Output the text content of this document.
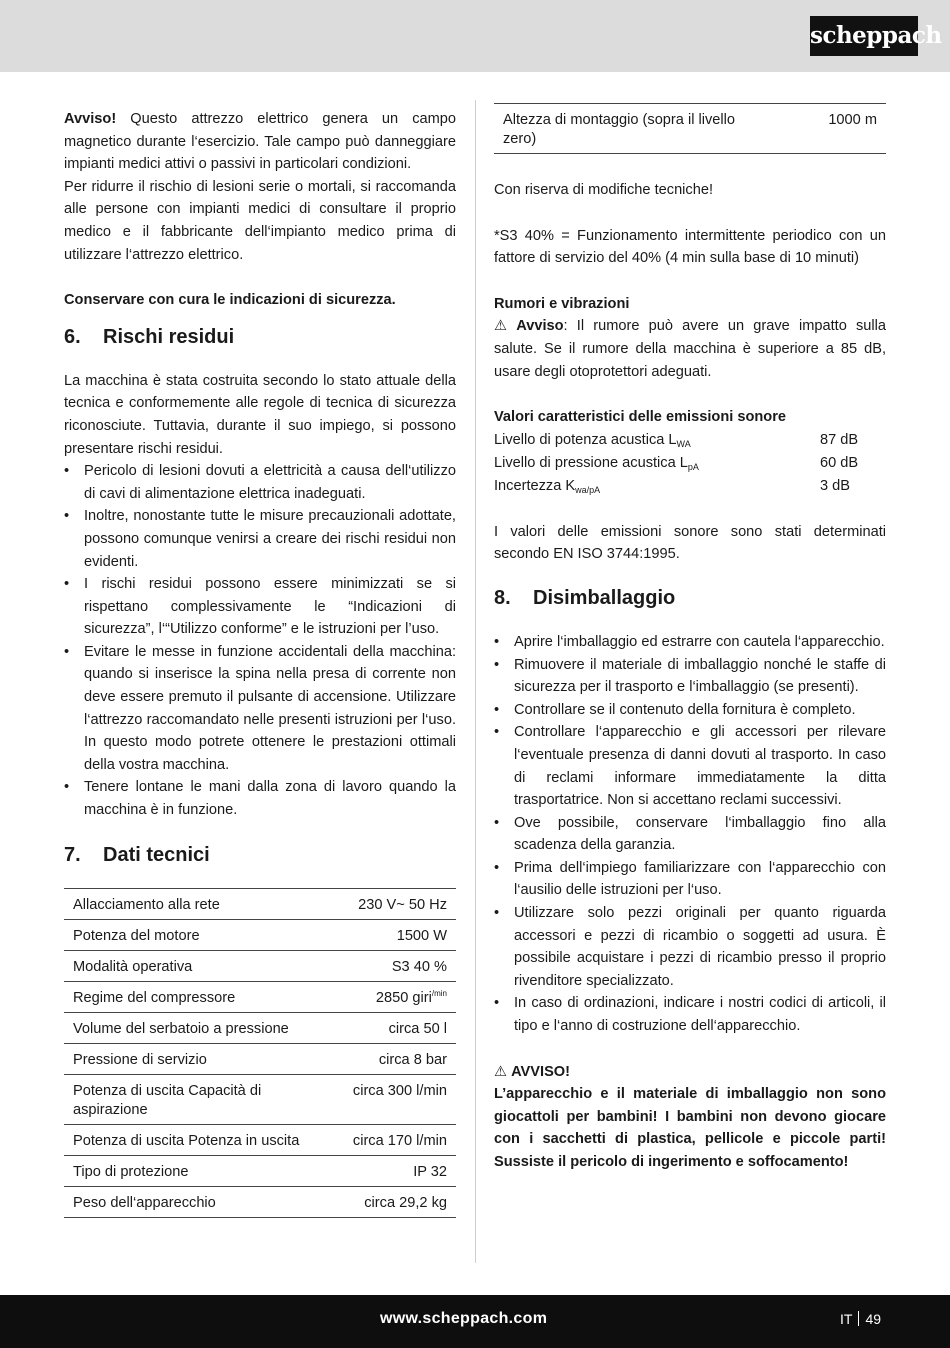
scheppach

Avviso! Questo attrezzo elettrico genera un campo magnetico durante l‘esercizio. Tale campo può danneggiare impianti medici attivi o passivi in particolari condizioni.

Per ridurre il rischio di lesioni serie o mortali, si raccomanda alle persone con impianti medici di consultare il proprio medico e il fabbricante dell‘impianto medico prima di utilizzare l‘attrezzo elettrico.

Conservare con cura le indicazioni di sicurezza.

6.	Rischi residui

La macchina è stata costruita secondo lo stato attuale della tecnica e conformemente alle regole di tecnica di sicurezza riconosciute. Tuttavia, durante il suo impiego, si possono presentare rischi residui.

• Pericolo di lesioni dovuti a elettricità a causa dell‘utilizzo di cavi di alimentazione elettrica inadeguati.
• Inoltre, nonostante tutte le misure precauzionali adottate, possono comunque venirsi a creare dei rischi residui non evidenti.
• I rischi residui possono essere minimizzati se si rispettano complessivamente le “Indicazioni di sicurezza”, l‘“Utilizzo conforme” e le istruzioni per l’uso.
• Evitare le messe in funzione accidentali della macchina: quando si inserisce la spina nella presa di corrente non deve essere premuto il pulsante di accensione. Utilizzare l‘attrezzo raccomandato nelle presenti istruzioni per l‘uso. In questo modo potrete ottenere le prestazioni ottimali della vostra macchina.
• Tenere lontane le mani dalla zona di lavoro quando la macchina è in funzione.
7.	Dati tecnici
Allacciamento alla rete	230 V~ 50 Hz
Potenza del motore	1500 W
Modalità operativa	S3 40 %
Regime del compressore	2850 giri$^{/min}$
Volume del serbatoio a pressione	circa 50 l
Pressione di servizio	circa 8 bar
Potenza di uscita Capacità di aspirazione	circa 300 l/min
Potenza di uscita Potenza in uscita	circa 170 l/min
Tipo di protezione	IP 32
Peso dell‘apparecchio	circa 29,2 kg
Altezza di montaggio (sopra il livello zero)	1000 m

Con riserva di modifiche tecniche!

*S3 40% = Funzionamento intermittente periodico con un fattore di servizio del 40% (4 min sulla base di 10 minuti)

Rumori e vibrazioni

⚠ Avviso: Il rumore può avere un grave impatto sulla salute. Se il rumore della macchina è superiore a 85 dB, usare degli otoprotettori adeguati.

Valori caratteristici delle emissioni sonore

Livello di potenza acustica $L_{WA}$	87 dB
Livello di pressione acustica $L_{pA}$	60 dB
Incertezza $K_{wa/pA}$	3 dB

I valori delle emissioni sonore sono stati determinati secondo EN ISO 3744:1995.

8.	Disimballaggio
• Aprire l‘imballaggio ed estrarre con cautela l‘apparecchio.
• Rimuovere il materiale di imballaggio nonché le staffe di sicurezza per il trasporto e l‘imballaggio (se presenti).
• Controllare se il contenuto della fornitura è completo.
• Controllare l‘apparecchio e gli accessori per rilevare l‘eventuale presenza di danni dovuti al trasporto. In caso di reclami informare immediatamente la ditta trasportatrice. Non si accettano reclami successivi.
• Ove possibile, conservare l‘imballaggio fino alla scadenza della garanzia.
• Prima dell‘impiego familiarizzare con l‘apparecchio con l‘ausilio delle istruzioni per l‘uso.
• Utilizzare solo pezzi originali per quanto riguarda accessori e pezzi di ricambio o soggetti ad usura. È possibile acquistare i pezzi di ricambio presso il proprio rivenditore specializzato.
• In caso di ordinazioni, indicare i nostri codici di articoli, il tipo e l‘anno di costruzione dell‘apparecchio.

⚠ AVVISO!

L’apparecchio e il materiale di imballaggio non sono giocattoli per bambini! I bambini non devono giocare con i sacchetti di plastica, pellicole e piccole parti! Sussiste il pericolo di ingerimento e soffocamento!

www.scheppach.com	IT 49
